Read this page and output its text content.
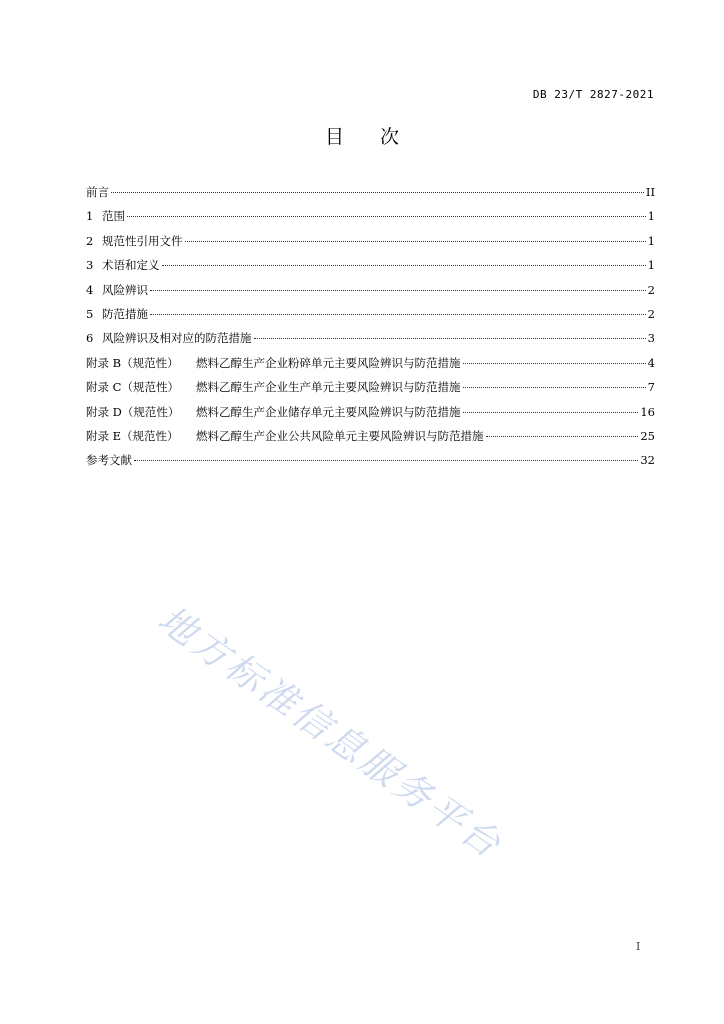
DB 23/T 2827-2021
目次
前言	II
1 范围	1
2 规范性引用文件	1
3 术语和定义	1
4 风险辨识	2
5 防范措施	2
6 风险辨识及相对应的防范措施	3
附录 B（规范性） 燃料乙醇生产企业粉碎单元主要风险辨识与防范措施	4
附录 C（规范性） 燃料乙醇生产企业生产单元主要风险辨识与防范措施	7
附录 D（规范性） 燃料乙醇生产企业储存单元主要风险辨识与防范措施	16
附录 E（规范性） 燃料乙醇生产企业公共风险单元主要风险辨识与防范措施	25
参考文献	32
地方标准信息服务平台
I
